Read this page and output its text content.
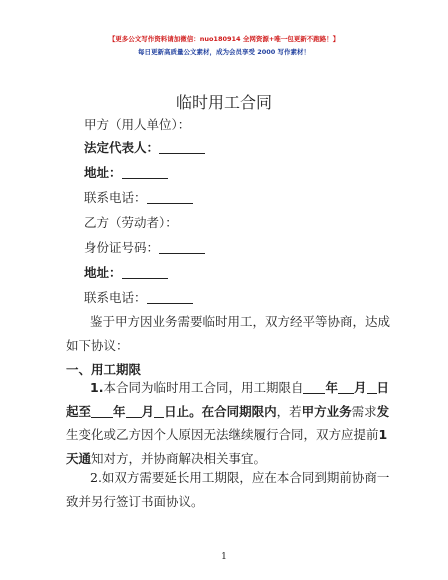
【更多公文写作资料请加微信：nuo180914 全网资源+唯一包更新不跑路！】
每日更新高质量公文素材，成为会员享受 2000 写作素材！
临时用工合同
甲方（用人单位）：
法定代表人：
地址：
联系电话：
乙方（劳动者）：
身份证号码：
地址：
联系电话：
鉴于甲方因业务需要临时用工，双方经平等协商，达成如下协议：
一、用工期限
1.本合同为临时用工合同，用工期限自 年 月 日起至 年 月 日止。在合同期限内，若甲方业务需求发生变化或乙方因个人原因无法继续履行合同，双方应提前1 天通知对方，并协商解决相关事宜。
2.如双方需要延长用工期限，应在本合同到期前协商一致并另行签订书面协议。
1
